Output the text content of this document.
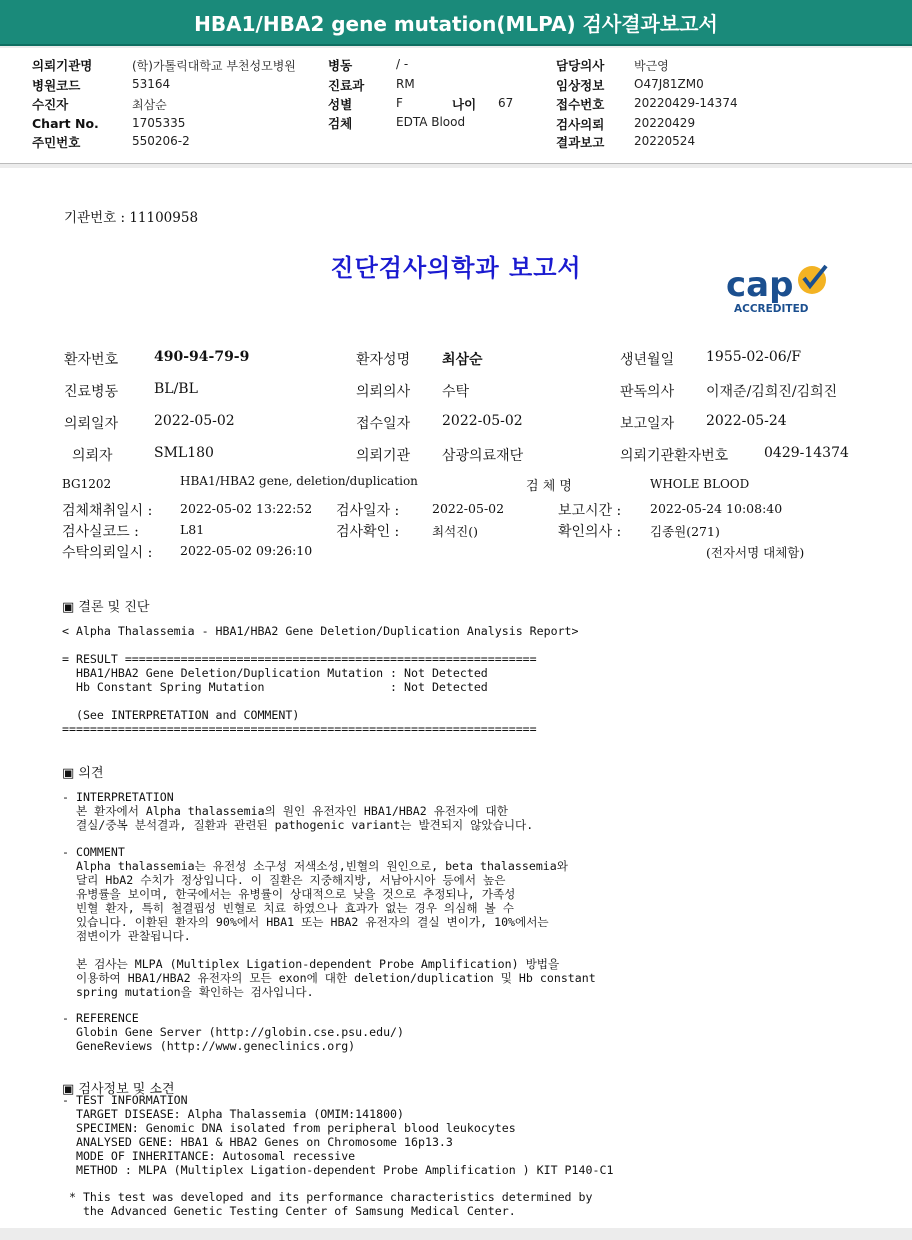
HBA1/HBA2 gene mutation(MLPA) 검사결과보고서
의뢰기관명	(학)가톨릭대학교 부천성모병원
병원코드	53164
수진자	최삼순
Chart No.	1705335
주민번호	550206-2
병동	/ -
진료과	RM
성별	F	나이 67
검체	EDTA Blood
담당의사 박근영
임상정보 O47J81ZM0
접수번호 20220429-14374
검사의뢰 20220429
결과보고 20220524
기관번호 : 11100958
진단검사의학과 보고서	cap
ACCREDITED
환자번호	490-94-79-9	환자성명 최삼순	생년월일 1955-02-06/F
진료병동	BL/BL	의뢰의사 수탁	판독의사 이재준/김희진/김희진
의뢰일자	2022-05-02	접수일자 2022-05-02	보고일자 2022-05-24
의뢰자	SML180	의뢰기관 삼광의료재단	의뢰기관환자번호	0429-14374
BG1202	HBA1/HBA2 gene, deletion/duplication	검 체 명	WHOLE BLOOD
검체채취일시 : 2022-05-02 13:22:52 검사일자 :	2022-05-02	보고시간 : 2022-05-24 10:08:40
검사실코드 :	L81	검사확인 :	최석진()	확인의사 : 김종원(271)
수탁의뢰일시 : 2022-05-02 09:26:10	(전자서명 대체함)
▣ 결론 및 진단
< Alpha Thalassemia - HBA1/HBA2 Gene Deletion/Duplication Analysis Report>

= RESULT ===========================================================
HBA1/HBA2 Gene Deletion/Duplication Mutation : Not Detected
Hb Constant Spring Mutation                  : Not Detected

(See INTERPRETATION and COMMENT)
====================================================================
▣ 의견
- INTERPRETATION
본 환자에서 Alpha thalassemia의 원인 유전자인 HBA1/HBA2 유전자에 대한
결실/중복 분석결과, 질환과 관련된 pathogenic variant는 발견되지 않았습니다.
- COMMENT
Alpha thalassemia는 유전성 소구성 저색소성,빈혈의 원인으로, beta thalassemia와
달리 HbA2 수치가 정상입니다. 이 질환은 지중해지방, 서남아시아 등에서 높은
유병률을 보이며, 한국에서는 유병률이 상대적으로 낮을 것으로 추정되나, 가족성
빈혈 환자, 특히 철결핍성 빈혈로 치료 하였으나 효과가 없는 경우 의심해 볼 수
있습니다. 이환된 환자의 90%에서 HBA1 또는 HBA2 유전자의 결실 변이가, 10%에서는
점변이가 관찰됩니다.

본 검사는 MLPA (Multiplex Ligation-dependent Probe Amplification) 방법을
이용하여 HBA1/HBA2 유전자의 모든 exon에 대한 deletion/duplication 및 Hb constant
spring mutation을 확인하는 검사입니다.
- REFERENCE
Globin Gene Server (http://globin.cse.psu.edu/)
GeneReviews (http://www.geneclinics.org)
▣ 검사정보 및 소견
- TEST INFORMATION
TARGET DISEASE: Alpha Thalassemia (OMIM:141800)
SPECIMEN: Genomic DNA isolated from peripheral blood leukocytes
ANALYSED GENE: HBA1 & HBA2 Genes on Chromosome 16p13.3
MODE OF INHERITANCE: Autosomal recessive
METHOD : MLPA (Multiplex Ligation-dependent Probe Amplification ) KIT P140-C1
* This test was developed and its performance characteristics determined by
the Advanced Genetic Testing Center of Samsung Medical Center.
